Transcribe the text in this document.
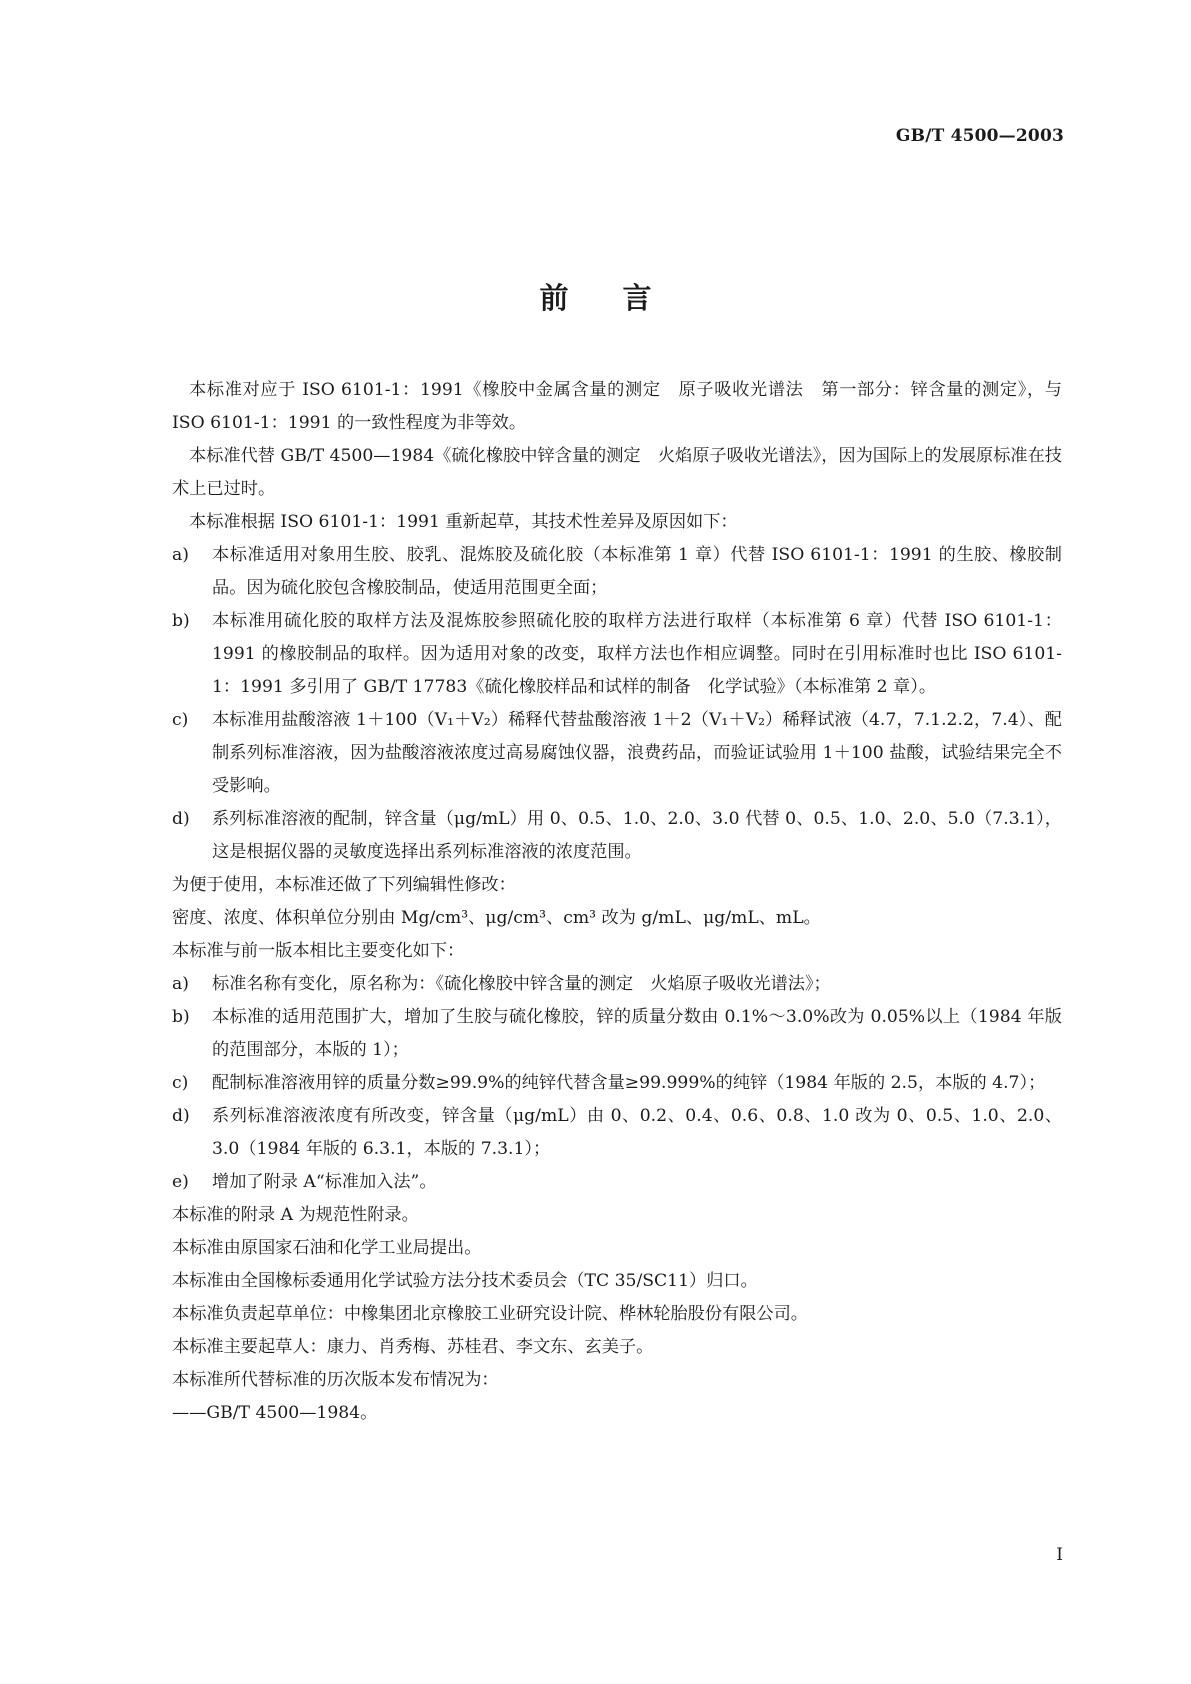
GB/T 4500—2003
前言

本标准对应于 ISO 6101-1：1991《橡胶中金属含量的测定　原子吸收光谱法　第一部分：锌含量的测定》，与 ISO 6101-1：1991 的一致性程度为非等效。

本标准代替 GB/T 4500—1984《硫化橡胶中锌含量的测定　火焰原子吸收光谱法》，因为国际上的发展原标准在技术上已过时。

本标准根据 ISO 6101-1：1991 重新起草，其技术性差异及原因如下：

a)	本标准适用对象用生胶、胶乳、混炼胶及硫化胶（本标准第 1 章）代替 ISO 6101-1：1991 的生胶、橡胶制品。因为硫化胶包含橡胶制品，使适用范围更全面；
b)	本标准用硫化胶的取样方法及混炼胶参照硫化胶的取样方法进行取样（本标准第 6 章）代替 ISO 6101-1：1991 的橡胶制品的取样。因为适用对象的改变，取样方法也作相应调整。同时在引用标准时也比 ISO 6101-1：1991 多引用了 GB/T 17783《硫化橡胶样品和试样的制备　化学试验》（本标准第 2 章）。
c)	本标准用盐酸溶液 1＋100（V₁＋V₂）稀释代替盐酸溶液 1＋2（V₁＋V₂）稀释试液（4.7，7.1.2.2，7.4）、配制系列标准溶液，因为盐酸溶液浓度过高易腐蚀仪器，浪费药品，而验证试验用 1＋100 盐酸，试验结果完全不受影响。
d)	系列标准溶液的配制，锌含量（μg/mL）用 0、0.5、1.0、2.0、3.0 代替 0、0.5、1.0、2.0、5.0（7.3.1），这是根据仪器的灵敏度选择出系列标准溶液的浓度范围。

为便于使用，本标准还做了下列编辑性修改：

密度、浓度、体积单位分别由 Mg/cm³、μg/cm³、cm³ 改为 g/mL、μg/mL、mL。

本标准与前一版本相比主要变化如下：

a)	标准名称有变化，原名称为：《硫化橡胶中锌含量的测定　火焰原子吸收光谱法》；
b)	本标准的适用范围扩大，增加了生胶与硫化橡胶，锌的质量分数由 0.1%～3.0%改为 0.05%以上（1984 年版的范围部分，本版的 1）；
c)	配制标准溶液用锌的质量分数≥99.9%的纯锌代替含量≥99.999%的纯锌（1984 年版的 2.5，本版的 4.7）；
d)	系列标准溶液浓度有所改变，锌含量（μg/mL）由 0、0.2、0.4、0.6、0.8、1.0 改为 0、0.5、1.0、2.0、3.0（1984 年版的 6.3.1，本版的 7.3.1）；
e)	增加了附录 A“标准加入法”。

本标准的附录 A 为规范性附录。

本标准由原国家石油和化学工业局提出。

本标准由全国橡标委通用化学试验方法分技术委员会（TC 35/SC11）归口。

本标准负责起草单位：中橡集团北京橡胶工业研究设计院、桦林轮胎股份有限公司。

本标准主要起草人：康力、肖秀梅、苏桂君、李文东、玄美子。

本标准所代替标准的历次版本发布情况为：

——GB/T 4500—1984。

I
